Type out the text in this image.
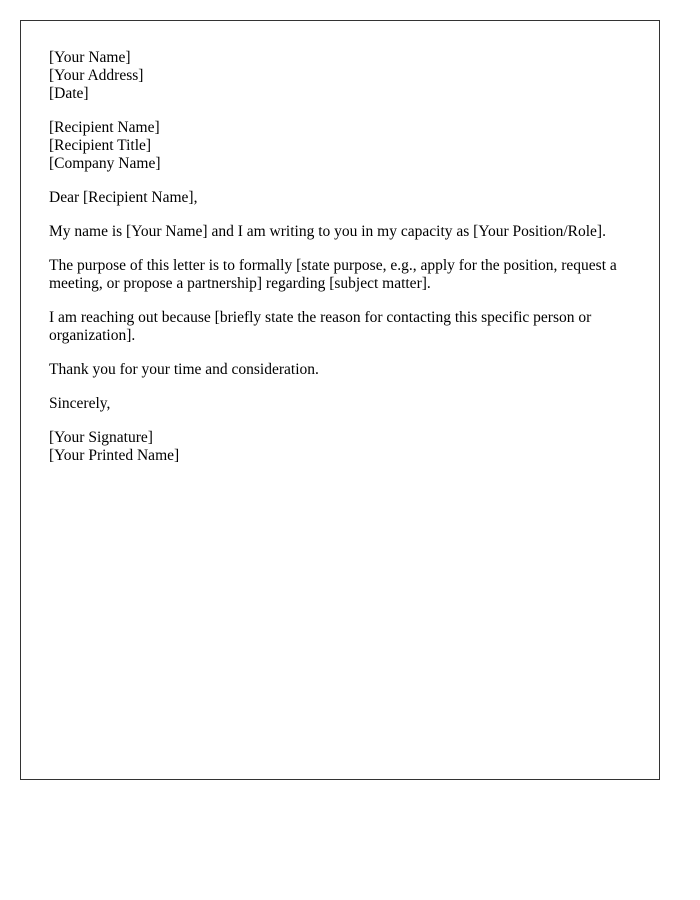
[Your Name]
[Your Address]
[Date]
[Recipient Name]
[Recipient Title]
[Company Name]

Dear [Recipient Name],

My name is [Your Name] and I am writing to you in my capacity as [Your Position/Role].

The purpose of this letter is to formally [state purpose, e.g., apply for the position, request a meeting, or propose a partnership] regarding [subject matter].

I am reaching out because [briefly state the reason for contacting this specific person or organization].

Thank you for your time and consideration.

Sincerely,

[Your Signature]
[Your Printed Name]
